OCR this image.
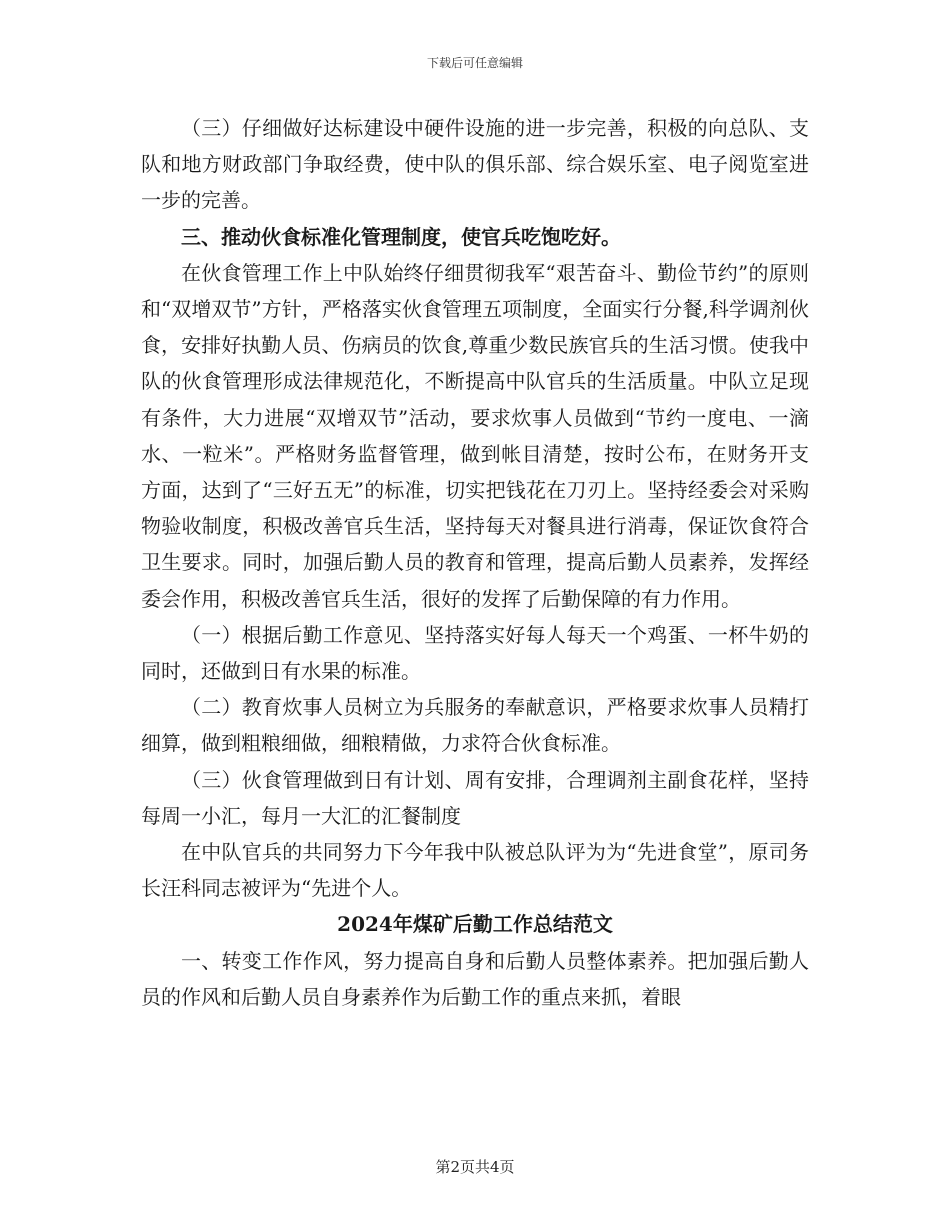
下载后可任意编辑

（三）仔细做好达标建设中硬件设施的进一步完善，积极的向总队、支队和地方财政部门争取经费，使中队的俱乐部、综合娱乐室、电子阅览室进一步的完善。

三、推动伙食标准化管理制度，使官兵吃饱吃好。

在伙食管理工作上中队始终仔细贯彻我军“艰苦奋斗、勤俭节约”的原则和“双增双节”方针，严格落实伙食管理五项制度，全面实行分餐,科学调剂伙食，安排好执勤人员、伤病员的饮食,尊重少数民族官兵的生活习惯。使我中队的伙食管理形成法律规范化，不断提高中队官兵的生活质量。中队立足现有条件，大力进展“双增双节”活动，要求炊事人员做到“节约一度电、一滴水、一粒米”。严格财务监督管理，做到帐目清楚，按时公布，在财务开支方面，达到了“三好五无”的标准，切实把钱花在刀刃上。坚持经委会对采购物验收制度，积极改善官兵生活，坚持每天对餐具进行消毒，保证饮食符合卫生要求。同时，加强后勤人员的教育和管理，提高后勤人员素养，发挥经委会作用，积极改善官兵生活，很好的发挥了后勤保障的有力作用。

（一）根据后勤工作意见、坚持落实好每人每天一个鸡蛋、一杯牛奶的同时，还做到日有水果的标准。

（二）教育炊事人员树立为兵服务的奉献意识，严格要求炊事人员精打细算，做到粗粮细做，细粮精做，力求符合伙食标准。

（三）伙食管理做到日有计划、周有安排，合理调剂主副食花样，坚持每周一小汇，每月一大汇的汇餐制度

在中队官兵的共同努力下今年我中队被总队评为为“先进食堂”，原司务长汪科同志被评为“先进个人。

2024年煤矿后勤工作总结范文

一、转变工作作风，努力提高自身和后勤人员整体素养。把加强后勤人员的作风和后勤人员自身素养作为后勤工作的重点来抓，着眼

第2页共4页
